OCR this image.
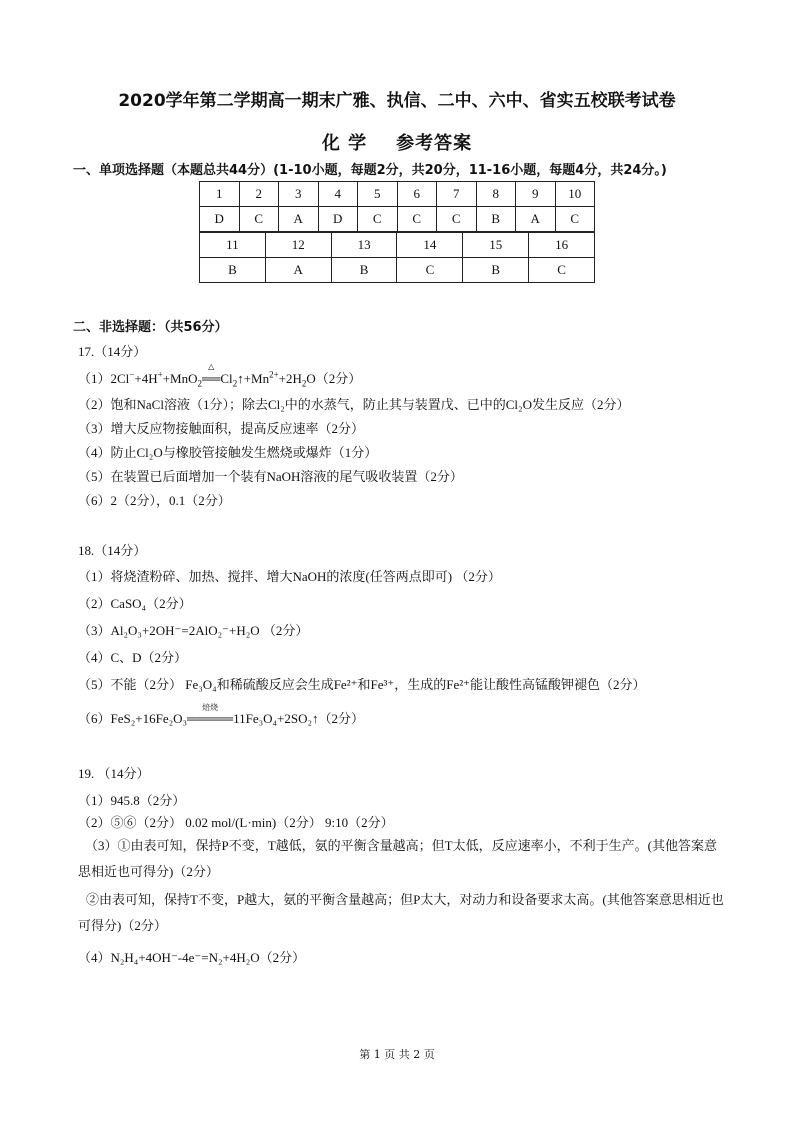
2020学年第二学期高一期末广雅、执信、二中、六中、省实五校联考试卷
化 学 参考答案
一、单项选择题（本题总共44分）(1-10小题，每题2分，共20分，11-16小题，每题4分，共24分。)
1	2	3	4	5	6	7	8	9	10
D	C	A	D	C	C	C	B	A	C
11	12	13	14	15	16
B	A	B	C	B	C
二、非选择题：（共56分）
17.（14分）
（1）2Cl−+4H++MnO$_2$
△
$══Cl_2↑+Mn^{2+}+2H_2O(2$分）
（2）饱和NaCl溶液（1分）；除去Cl₂中的水蒸气，防止其与装置戊、已中的Cl₂O发生反应（2分）
（3）增大反应物接触面积，提高反应速率（2分）
（4）防止Cl₂O与橡胶管接触发生燃烧或爆炸（1分）
（5）在装置已后面增加一个装有NaOH溶液的尾气吸收装置（2分）
（6）2（2分），0.1（2分）
18.（14分）
（1）将烧渣粉碎、加热、搅拌、增大NaOH的浓度(任答两点即可) （2分）
（2）CaSO₄（2分）
（3）Al₂O₃+2OH⁻=2AlO₂⁻+H₂O （2分）
（4）C、D（2分）
（5）不能（2分） Fe₃O₄和稀硫酸反应会生成Fe²⁺和Fe³⁺，生成的Fe²⁺能让酸性高锰酸钾褪色（2分）
（6）FeS₂+16Fe₂O₃
焙烧
═════11Fe₃O₄+2SO₂↑（2分）
19. （14分）
（1）945.8（2分）
（2）⑤⑥（2分） 0.02 mol/(L·min)（2分） 9:10（2分）
（3）①由表可知，保持P不变，T越低，氨的平衡含量越高；但T太低，反应速率小，不利于生产。(其他答案意思相近也可得分)（2分）
②由表可知，保持T不变，P越大，氨的平衡含量越高；但P太大，对动力和设备要求太高。(其他答案意思相近也可得分)（2分）
（4）N₂H₄+4OH⁻-4e⁻=N₂+4H₂O（2分）
第 1 页 共 2 页
